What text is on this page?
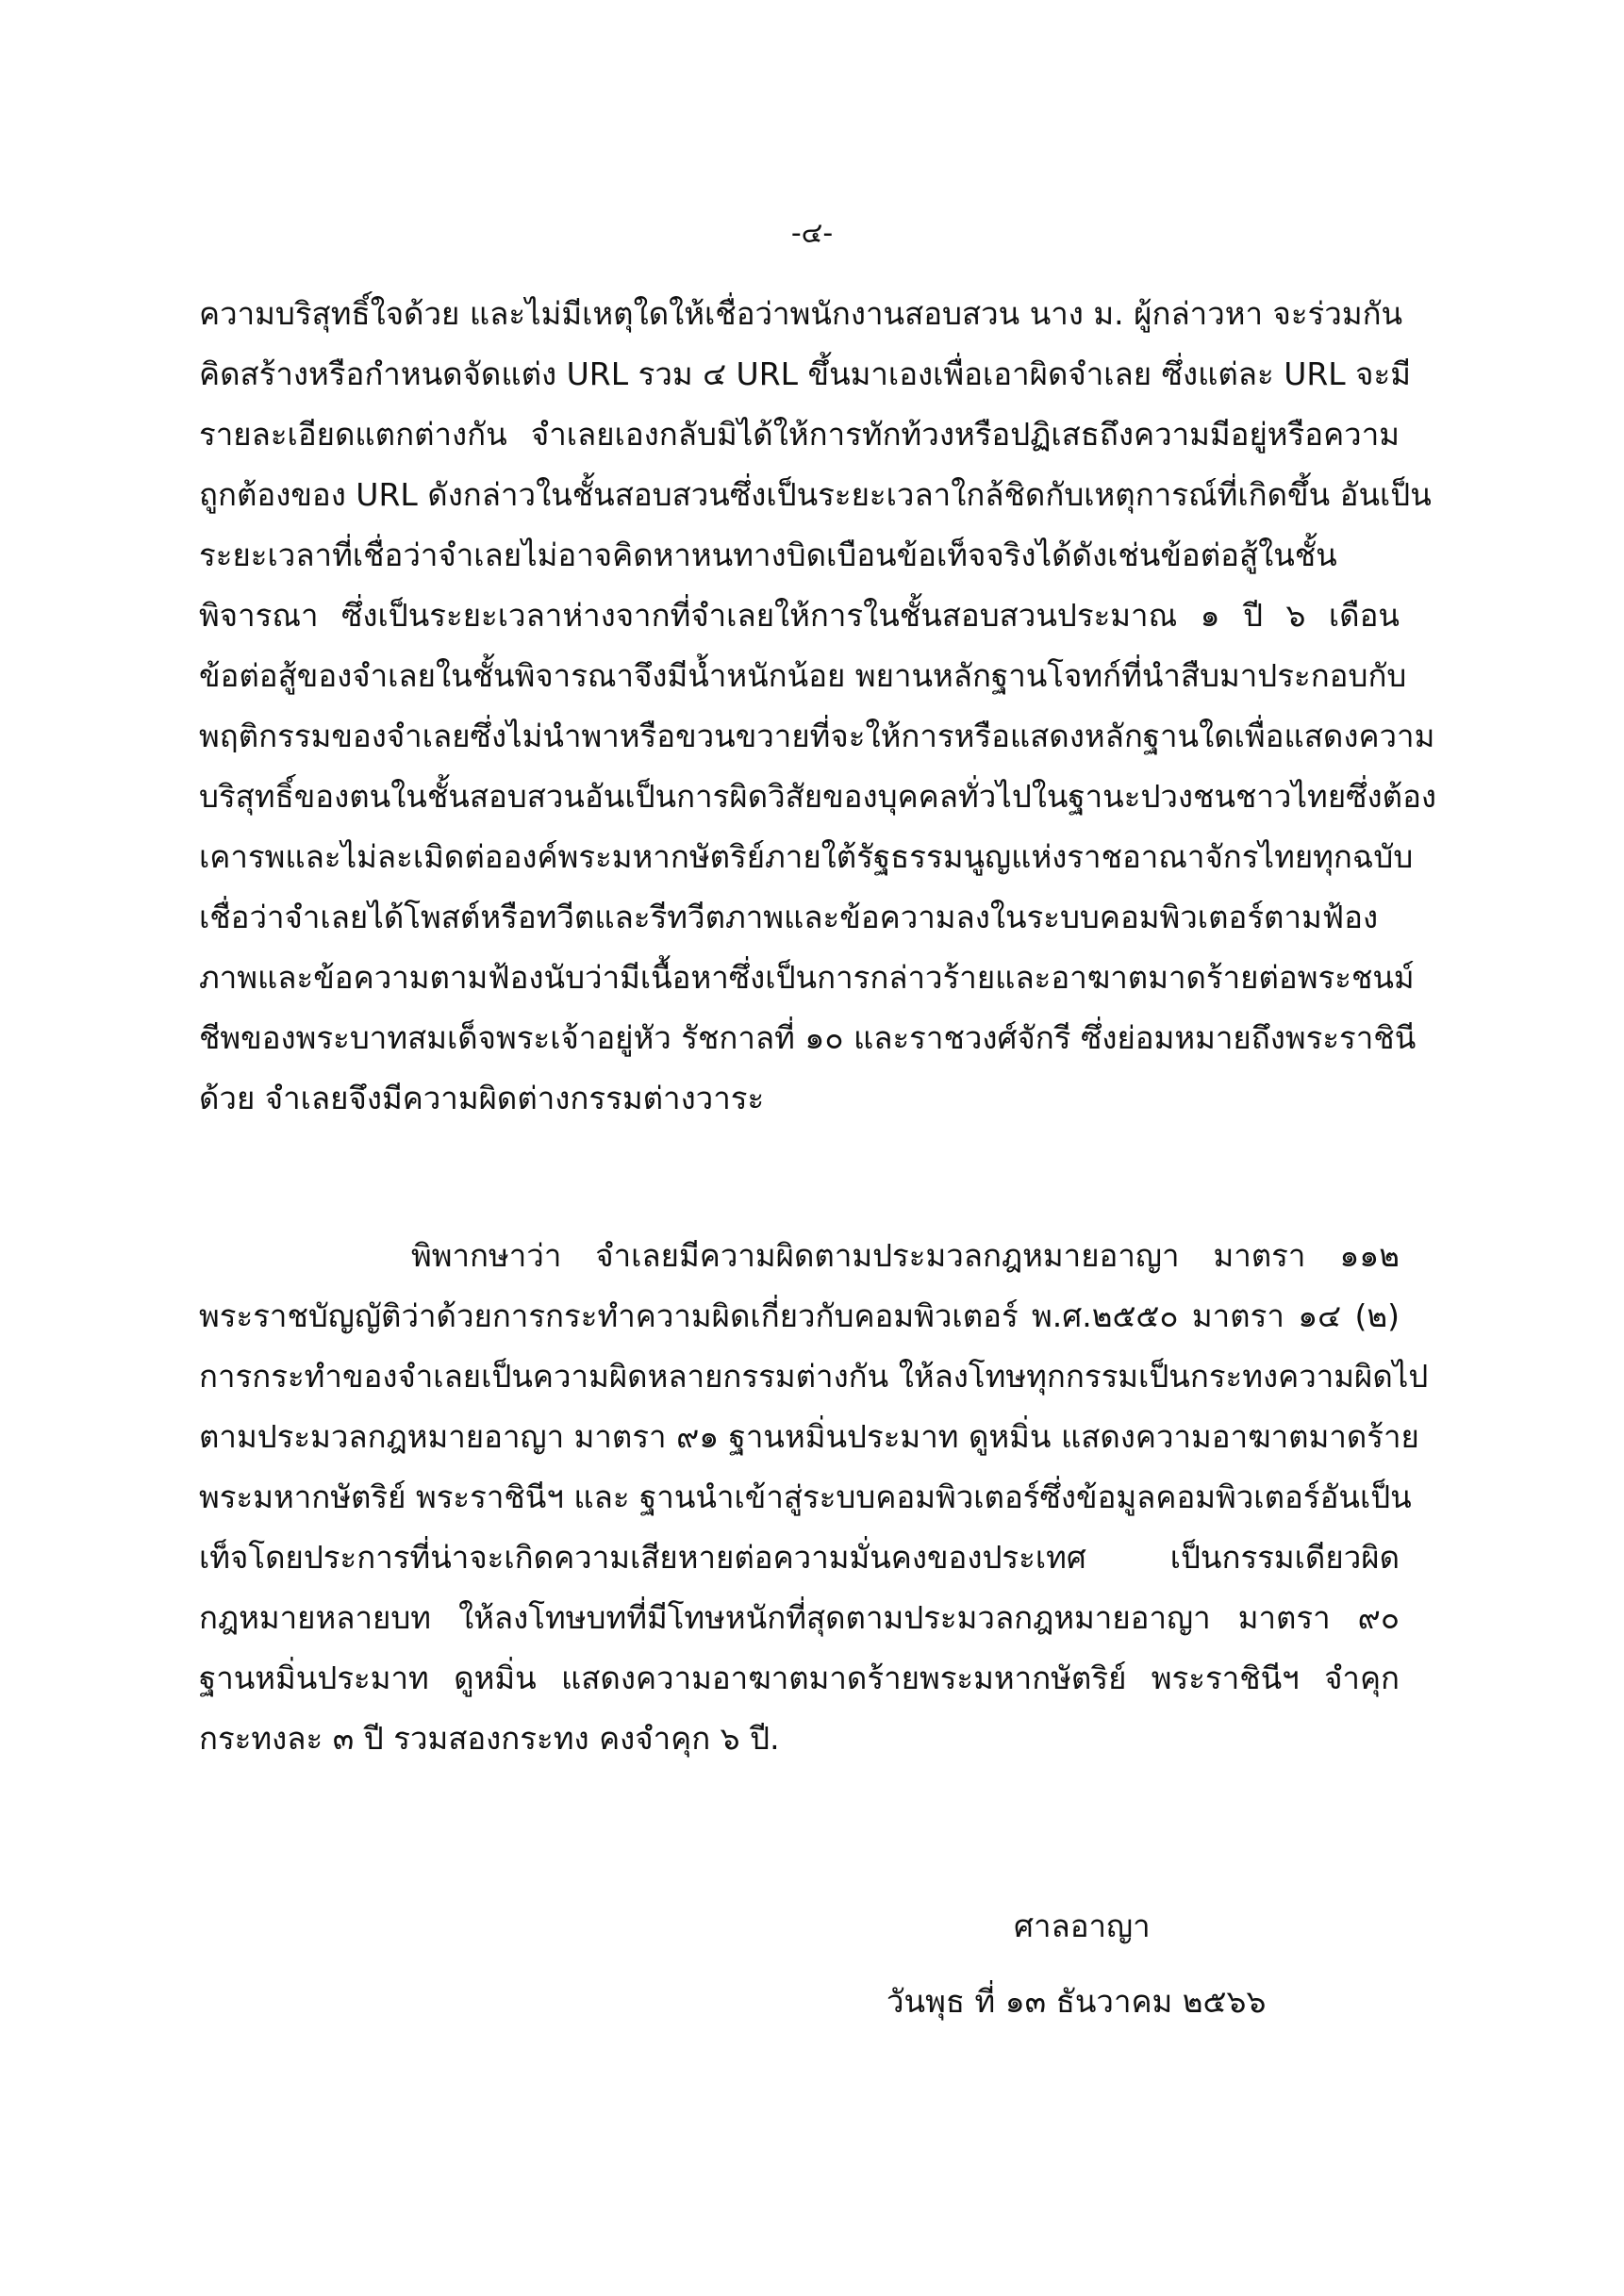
-๔-
ความบริสุทธิ์ใจด้วย และไม่มีเหตุใดให้เชื่อว่าพนักงานสอบสวน นาง ม. ผู้กล่าวหา จะร่วมกัน
คิดสร้างหรือกำหนดจัดแต่ง URL รวม ๔ URL ขึ้นมาเองเพื่อเอาผิดจำเลย ซึ่งแต่ละ URL จะมี
รายละเอียดแตกต่างกัน จำเลยเองกลับมิได้ให้การทักท้วงหรือปฏิเสธถึงความมีอยู่หรือความ
ถูกต้องของ URL ดังกล่าวในชั้นสอบสวนซึ่งเป็นระยะเวลาใกล้ชิดกับเหตุการณ์ที่เกิดขึ้น อันเป็น
ระยะเวลาที่เชื่อว่าจำเลยไม่อาจคิดหาหนทางบิดเบือนข้อเท็จจริงได้ดังเช่นข้อต่อสู้ในชั้น
พิจารณา ซึ่งเป็นระยะเวลาห่างจากที่จำเลยให้การในชั้นสอบสวนประมาณ ๑ ปี ๖ เดือน
ข้อต่อสู้ของจำเลยในชั้นพิจารณาจึงมีน้ำหนักน้อย พยานหลักฐานโจทก์ที่นำสืบมาประกอบกับ
พฤติกรรมของจำเลยซึ่งไม่นำพาหรือขวนขวายที่จะให้การหรือแสดงหลักฐานใดเพื่อแสดงความ
บริสุทธิ์ของตนในชั้นสอบสวนอันเป็นการผิดวิสัยของบุคคลทั่วไปในฐานะปวงชนชาวไทยซึ่งต้อง
เคารพและไม่ละเมิดต่อองค์พระมหากษัตริย์ภายใต้รัฐธรรมนูญแห่งราชอาณาจักรไทยทุกฉบับ
เชื่อว่าจำเลยได้โพสต์หรือทวีตและรีทวีตภาพและข้อความลงในระบบคอมพิวเตอร์ตามฟ้อง
ภาพและข้อความตามฟ้องนับว่ามีเนื้อหาซึ่งเป็นการกล่าวร้ายและอาฆาตมาดร้ายต่อพระชนม์
ชีพของพระบาทสมเด็จพระเจ้าอยู่หัว รัชกาลที่ ๑๐ และราชวงศ์จักรี ซึ่งย่อมหมายถึงพระราชินี
ด้วย จำเลยจึงมีความผิดต่างกรรมต่างวาระ
พิพากษาว่า จำเลยมีความผิดตามประมวลกฎหมายอาญา มาตรา ๑๑๒
พระราชบัญญัติว่าด้วยการกระทำความผิดเกี่ยวกับคอมพิวเตอร์ พ.ศ.๒๕๕๐ มาตรา ๑๔ (๒)
การกระทำของจำเลยเป็นความผิดหลายกรรมต่างกัน ให้ลงโทษทุกกรรมเป็นกระทงความผิดไป
ตามประมวลกฎหมายอาญา มาตรา ๙๑ ฐานหมิ่นประมาท ดูหมิ่น แสดงความอาฆาตมาดร้าย
พระมหากษัตริย์ พระราชินีฯ และ ฐานนำเข้าสู่ระบบคอมพิวเตอร์ซึ่งข้อมูลคอมพิวเตอร์อันเป็น
เท็จโดยประการที่น่าจะเกิดความเสียหายต่อความมั่นคงของประเทศ เป็นกรรมเดียวผิด
กฎหมายหลายบท ให้ลงโทษบทที่มีโทษหนักที่สุดตามประมวลกฎหมายอาญา มาตรา ๙๐
ฐานหมิ่นประมาท ดูหมิ่น แสดงความอาฆาตมาดร้ายพระมหากษัตริย์ พระราชินีฯ จำคุก
กระทงละ ๓ ปี รวมสองกระทง คงจำคุก ๖ ปี.
ศาลอาญา
วันพุธ ที่ ๑๓ ธันวาคม ๒๕๖๖
